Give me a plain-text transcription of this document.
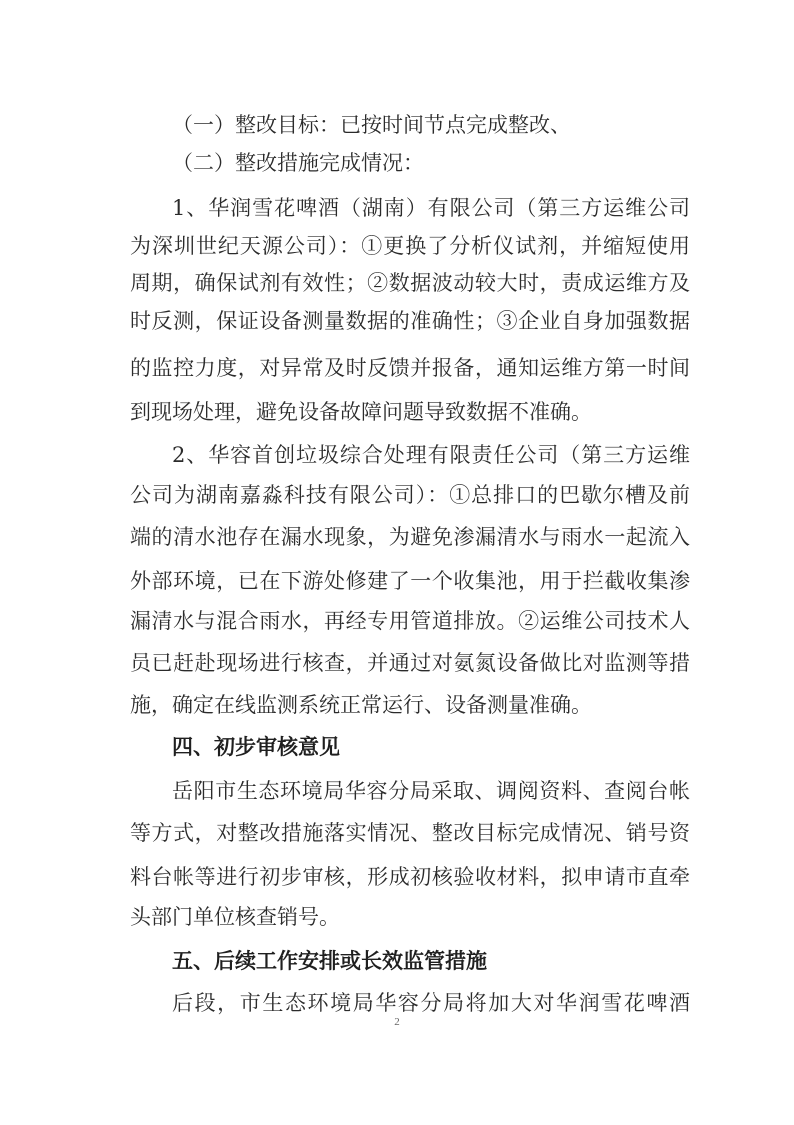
（一）整改目标：已按时间节点完成整改、
（二）整改措施完成情况：
1、华润雪花啤酒（湖南）有限公司（第三方运维公司
为深圳世纪天源公司）：①更换了分析仪试剂，并缩短使用
周期，确保试剂有效性；②数据波动较大时，责成运维方及
时反测，保证设备测量数据的准确性；③企业自身加强数据
的监控力度，对异常及时反馈并报备，通知运维方第一时间
到现场处理，避免设备故障问题导致数据不准确。
2、华容首创垃圾综合处理有限责任公司（第三方运维
公司为湖南嘉淼科技有限公司）：①总排口的巴歇尔槽及前
端的清水池存在漏水现象，为避免渗漏清水与雨水一起流入
外部环境，已在下游处修建了一个收集池，用于拦截收集渗
漏清水与混合雨水，再经专用管道排放。②运维公司技术人
员已赶赴现场进行核查，并通过对氨氮设备做比对监测等措
施，确定在线监测系统正常运行、设备测量准确。
四、初步审核意见
岳阳市生态环境局华容分局采取、调阅资料、查阅台帐
等方式，对整改措施落实情况、整改目标完成情况、销号资
料台帐等进行初步审核，形成初核验收材料，拟申请市直牵
头部门单位核查销号。
五、后续工作安排或长效监管措施
后段，市生态环境局华容分局将加大对华润雪花啤酒
2
